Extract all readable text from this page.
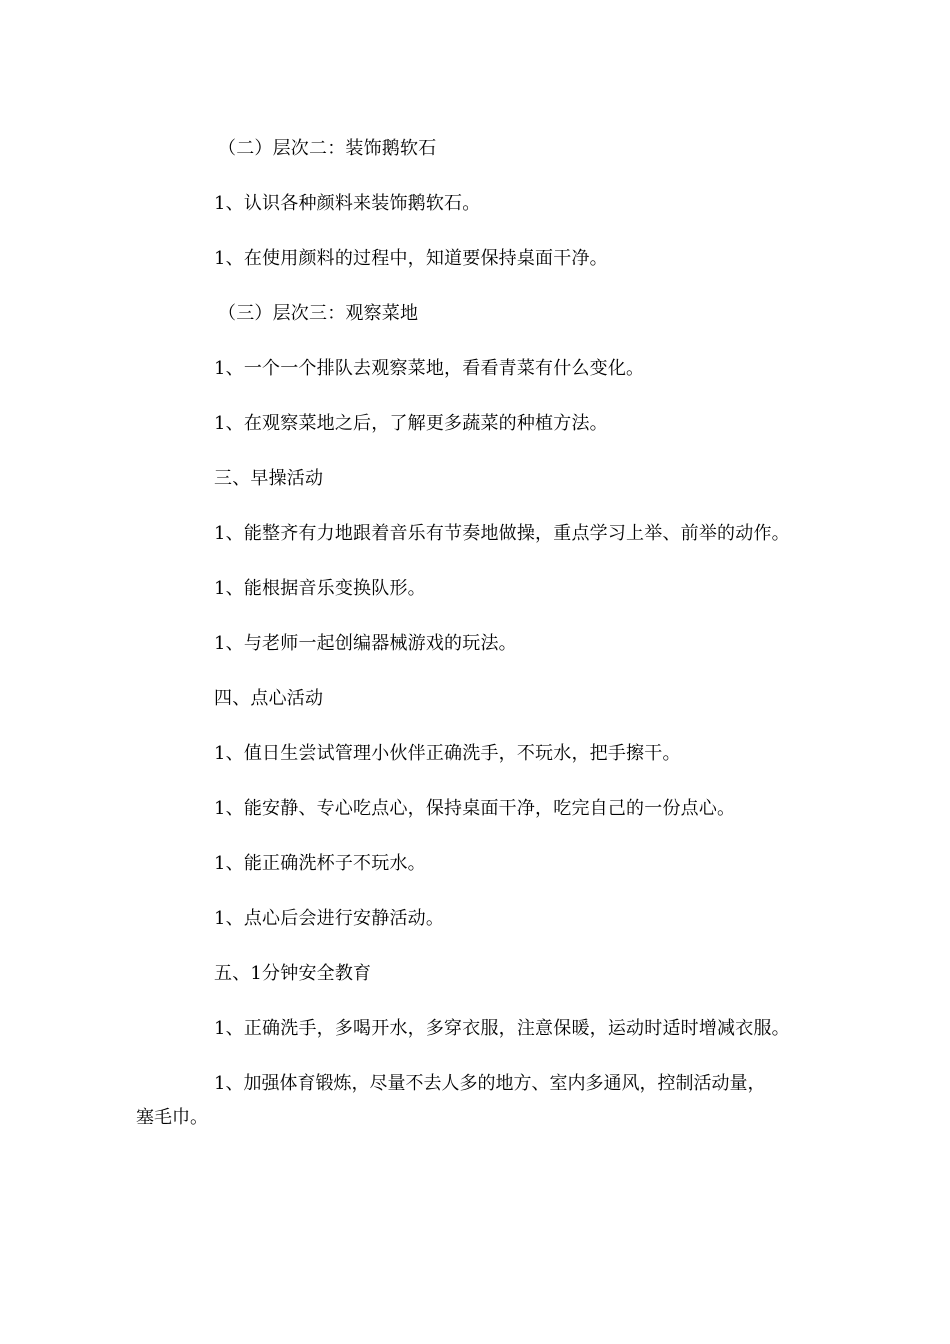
（二）层次二：装饰鹅软石
1、认识各种颜料来装饰鹅软石。
1、在使用颜料的过程中，知道要保持桌面干净。
（三）层次三：观察菜地
1、一个一个排队去观察菜地，看看青菜有什么变化。
1、在观察菜地之后，了解更多蔬菜的种植方法。
三、早操活动
1、能整齐有力地跟着音乐有节奏地做操，重点学习上举、前举的动作。
1、能根据音乐变换队形。
1、与老师一起创编器械游戏的玩法。
四、点心活动
1、值日生尝试管理小伙伴正确洗手，不玩水，把手擦干。
1、能安静、专心吃点心，保持桌面干净，吃完自己的一份点心。
1、能正确洗杯子不玩水。
1、点心后会进行安静活动。
五、1分钟安全教育
1、正确洗手，多喝开水，多穿衣服，注意保暖，运动时适时增减衣服。
1、加强体育锻炼，尽量不去人多的地方、室内多通风，控制活动量，
塞毛巾。
